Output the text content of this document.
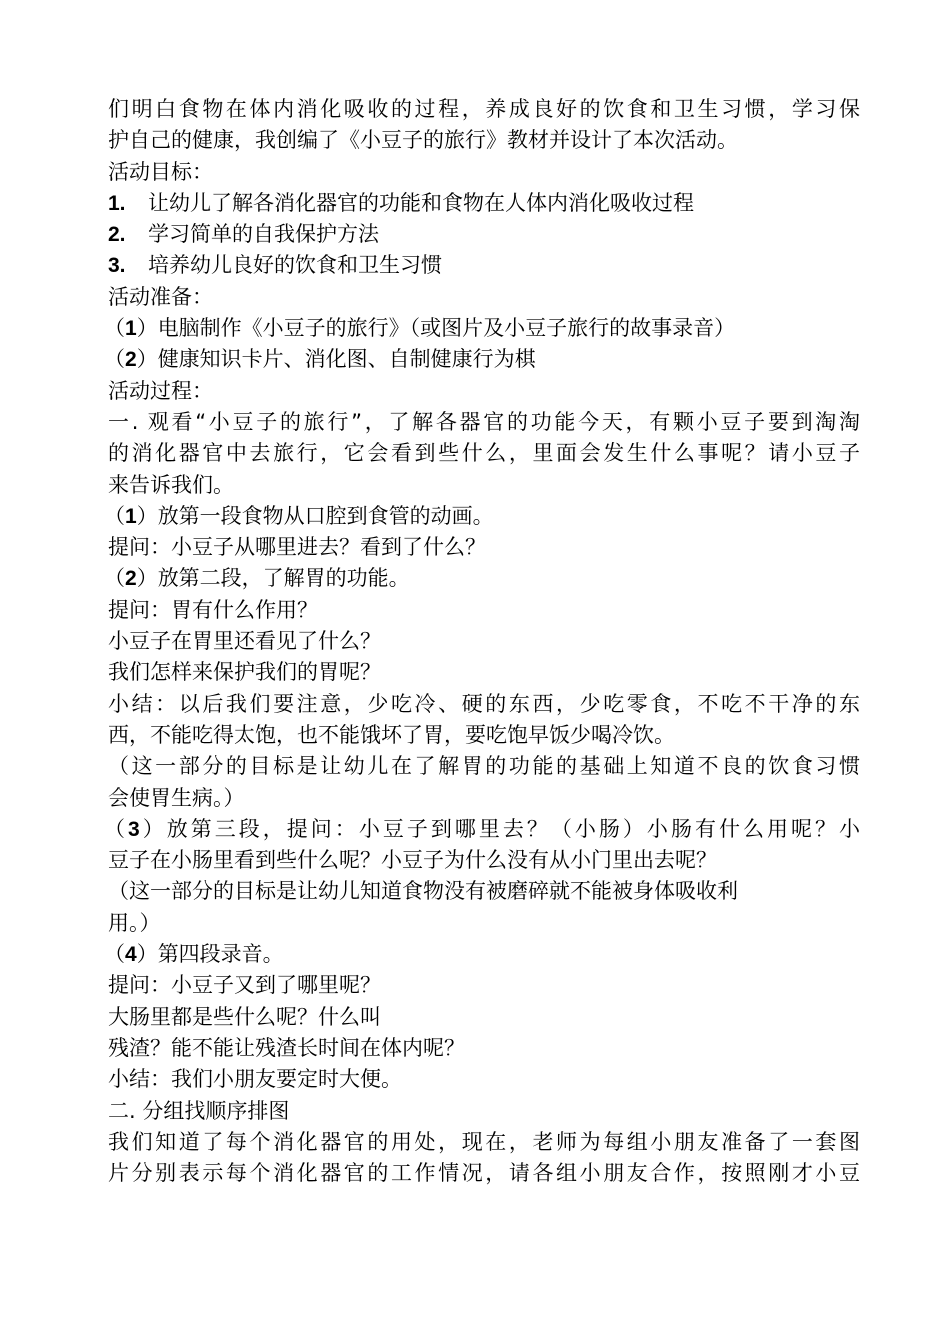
们明白食物在体内消化吸收的过程，养成良好的饮食和卫生习惯，学习保
护自己的健康，我创编了《小豆子的旅行》教材并设计了本次活动。
活动目标：
1. 让幼儿了解各消化器官的功能和食物在人体内消化吸收过程
2. 学习简单的自我保护方法
3. 培养幼儿良好的饮食和卫生习惯
活动准备：
（1）电脑制作《小豆子的旅行》（或图片及小豆子旅行的故事录音）
（2）健康知识卡片、消化图、自制健康行为棋
活动过程：
一. 观看“小豆子的旅行”，了解各器官的功能今天，有颗小豆子要到淘淘
的消化器官中去旅行，它会看到些什么，里面会发生什么事呢？请小豆子
来告诉我们。
（1）放第一段食物从口腔到食管的动画。
提问：小豆子从哪里进去？看到了什么？
（2）放第二段，了解胃的功能。
提问：胃有什么作用？
小豆子在胃里还看见了什么？
我们怎样来保护我们的胃呢？
小结：以后我们要注意，少吃冷、硬的东西，少吃零食，不吃不干净的东
西，不能吃得太饱，也不能饿坏了胃，要吃饱早饭少喝冷饮。
（这一部分的目标是让幼儿在了解胃的功能的基础上知道不良的饮食习惯
会使胃生病。）
（3）放第三段，提问：小豆子到哪里去？（小肠）小肠有什么用呢？小
豆子在小肠里看到些什么呢？小豆子为什么没有从小门里出去呢？
（这一部分的目标是让幼儿知道食物没有被磨碎就不能被身体吸收利
用。）
（4）第四段录音。
提问：小豆子又到了哪里呢？
大肠里都是些什么呢？什么叫
残渣？能不能让残渣长时间在体内呢？
小结：我们小朋友要定时大便。
二. 分组找顺序排图
我们知道了每个消化器官的用处，现在，老师为每组小朋友准备了一套图
片分别表示每个消化器官的工作情况，请各组小朋友合作，按照刚才小豆
